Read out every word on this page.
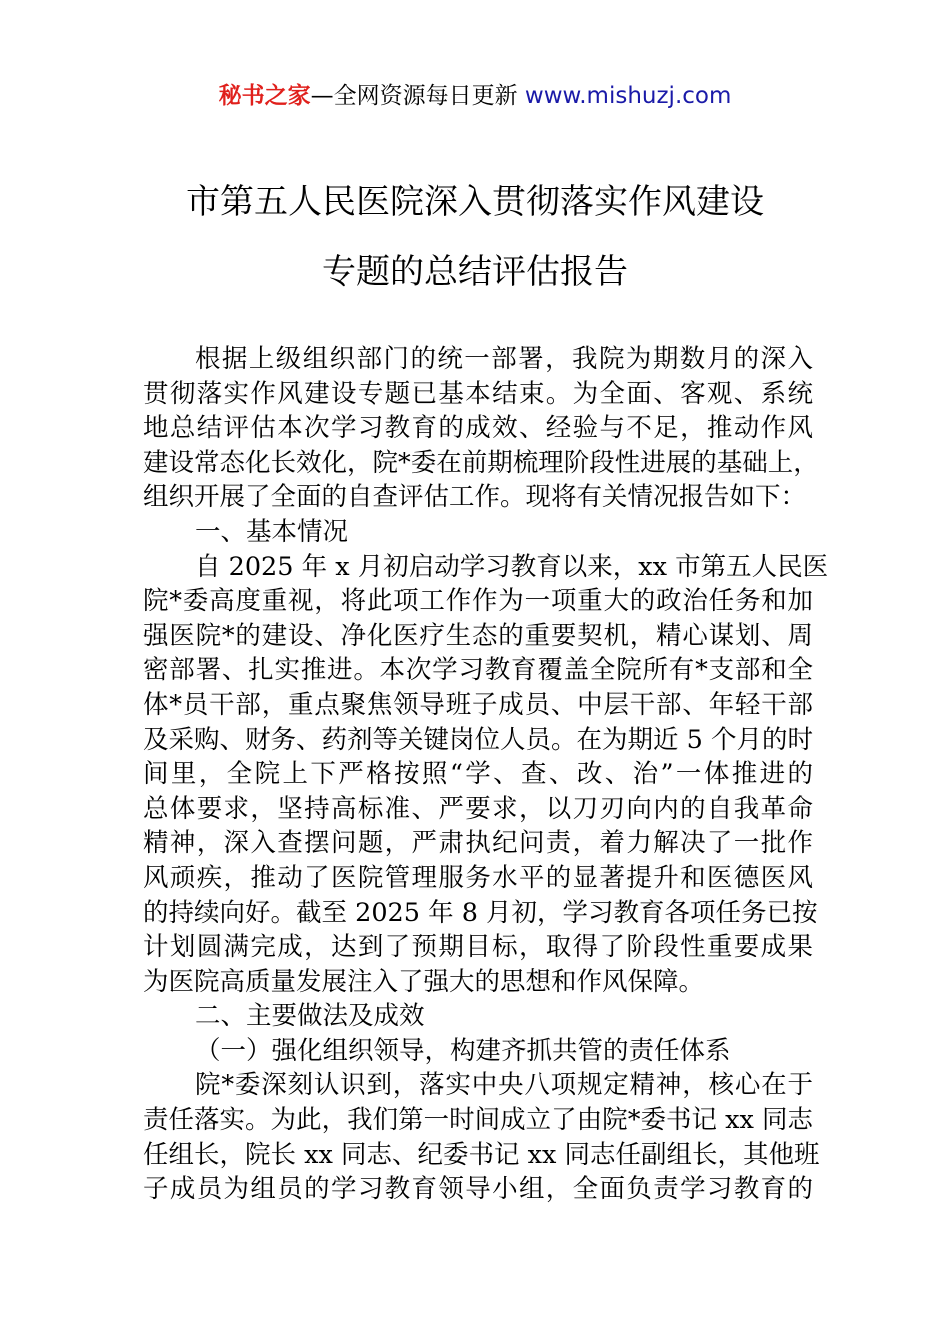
秘书之家—全网资源每日更新 www.mishuzj.com
市第五人民医院深入贯彻落实作风建设
专题的总结评估报告
根据上级组织部门的统一部署，我院为期数月的深入
贯彻落实作风建设专题已基本结束。为全面、客观、系统
地总结评估本次学习教育的成效、经验与不足，推动作风
建设常态化长效化，院*委在前期梳理阶段性进展的基础上，
组织开展了全面的自查评估工作。现将有关情况报告如下：
一、基本情况
自 2025 年 x 月初启动学习教育以来，xx 市第五人民医
院*委高度重视，将此项工作作为一项重大的政治任务和加
强医院*的建设、净化医疗生态的重要契机，精心谋划、周
密部署、扎实推进。本次学习教育覆盖全院所有*支部和全
体*员干部，重点聚焦领导班子成员、中层干部、年轻干部
及采购、财务、药剂等关键岗位人员。在为期近 5 个月的时
间里，全院上下严格按照“学、查、改、治”一体推进的
总体要求，坚持高标准、严要求，以刀刃向内的自我革命
精神，深入查摆问题，严肃执纪问责，着力解决了一批作
风顽疾，推动了医院管理服务水平的显著提升和医德医风
的持续向好。截至 2025 年 8 月初，学习教育各项任务已按
计划圆满完成，达到了预期目标，取得了阶段性重要成果
为医院高质量发展注入了强大的思想和作风保障。
二、主要做法及成效
（一）强化组织领导，构建齐抓共管的责任体系
院*委深刻认识到，落实中央八项规定精神，核心在于
责任落实。为此，我们第一时间成立了由院*委书记 xx 同志
任组长，院长 xx 同志、纪委书记 xx 同志任副组长，其他班
子成员为组员的学习教育领导小组，全面负责学习教育的
